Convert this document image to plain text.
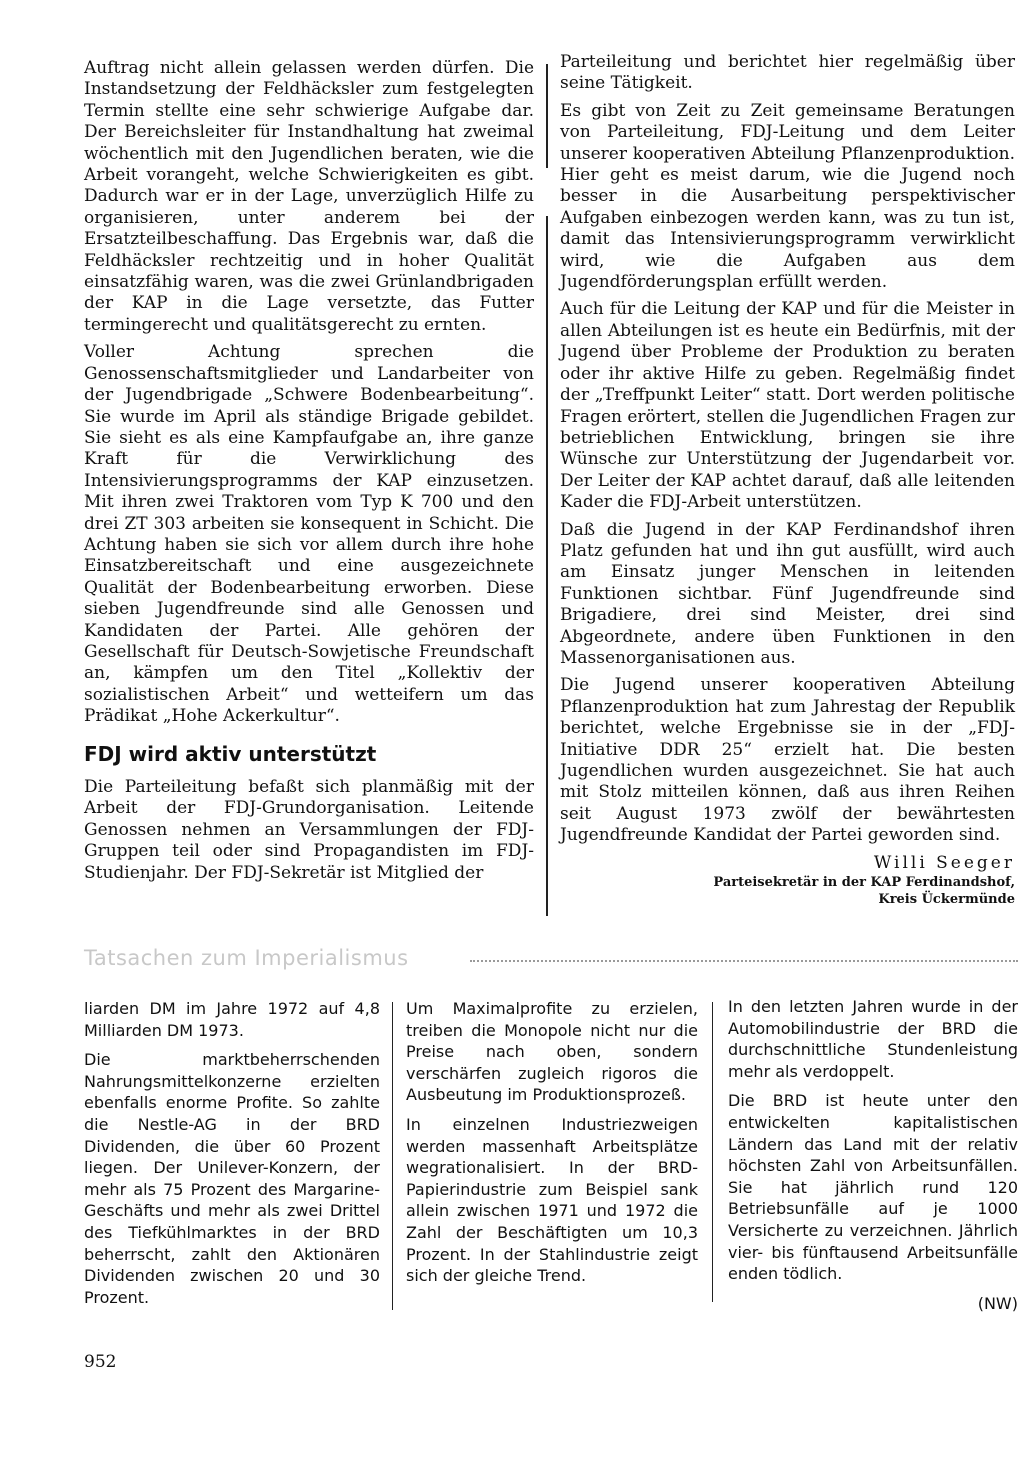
Auftrag nicht allein gelassen werden dürfen. Die Instandsetzung der Feldhäcksler zum festgelegten Termin stellte eine sehr schwierige Aufgabe dar. Der Bereichsleiter für Instandhaltung hat zweimal wöchentlich mit den Jugendlichen beraten, wie die Arbeit vorangeht, welche Schwierigkeiten es gibt. Dadurch war er in der Lage, unverzüglich Hilfe zu organisieren, unter anderem bei der Ersatzteilbeschaffung. Das Ergebnis war, daß die Feldhäcksler rechtzeitig und in hoher Qualität einsatzfähig waren, was die zwei Grünlandbrigaden der KAP in die Lage versetzte, das Futter termingerecht und qualitätsgerecht zu ernten.

Voller Achtung sprechen die Genossenschaftsmitglieder und Landarbeiter von der Jugendbrigade „Schwere Bodenbearbeitung“. Sie wurde im April als ständige Brigade gebildet. Sie sieht es als eine Kampfaufgabe an, ihre ganze Kraft für die Verwirklichung des Intensivierungsprogramms der KAP einzusetzen. Mit ihren zwei Traktoren vom Typ K 700 und den drei ZT 303 arbeiten sie konsequent in Schicht. Die Achtung haben sie sich vor allem durch ihre hohe Einsatzbereitschaft und eine ausgezeichnete Qualität der Bodenbearbeitung erworben. Diese sieben Jugendfreunde sind alle Genossen und Kandidaten der Partei. Alle gehören der Gesellschaft für Deutsch-Sowjetische Freundschaft an, kämpfen um den Titel „Kollektiv der sozialistischen Arbeit“ und wetteifern um das Prädikat „Hohe Ackerkultur“.

FDJ wird aktiv unterstützt

Die Parteileitung befaßt sich planmäßig mit der Arbeit der FDJ-Grundorganisation. Leitende Genossen nehmen an Versammlungen der FDJ-Gruppen teil oder sind Propagandisten im FDJ-Studienjahr. Der FDJ-Sekretär ist Mitglied der

Parteileitung und berichtet hier regelmäßig über seine Tätigkeit.

Es gibt von Zeit zu Zeit gemeinsame Beratungen von Parteileitung, FDJ-Leitung und dem Leiter unserer kooperativen Abteilung Pflanzenproduktion. Hier geht es meist darum, wie die Jugend noch besser in die Ausarbeitung perspektivischer Aufgaben einbezogen werden kann, was zu tun ist, damit das Intensivierungsprogramm verwirklicht wird, wie die Aufgaben aus dem Jugendförderungsplan erfüllt werden.

Auch für die Leitung der KAP und für die Meister in allen Abteilungen ist es heute ein Bedürfnis, mit der Jugend über Probleme der Produktion zu beraten oder ihr aktive Hilfe zu geben. Regelmäßig findet der „Treffpunkt Leiter“ statt. Dort werden politische Fragen erörtert, stellen die Jugendlichen Fragen zur betrieblichen Entwicklung, bringen sie ihre Wünsche zur Unterstützung der Jugendarbeit vor. Der Leiter der KAP achtet darauf, daß alle leitenden Kader die FDJ-Arbeit unterstützen.

Daß die Jugend in der KAP Ferdinandshof ihren Platz gefunden hat und ihn gut ausfüllt, wird auch am Einsatz junger Menschen in leitenden Funktionen sichtbar. Fünf Jugendfreunde sind Brigadiere, drei sind Meister, drei sind Abgeordnete, andere üben Funktionen in den Massenorganisationen aus.

Die Jugend unserer kooperativen Abteilung Pflanzenproduktion hat zum Jahrestag der Republik berichtet, welche Ergebnisse sie in der „FDJ-Initiative DDR 25“ erzielt hat. Die besten Jugendlichen wurden ausgezeichnet. Sie hat auch mit Stolz mitteilen können, daß aus ihren Reihen seit August 1973 zwölf der bewährtesten Jugendfreunde Kandidat der Partei geworden sind.

Willi Seeger
Parteisekretär in der KAP Ferdinandshof,
Kreis Ückermünde
Tatsachen zum Imperialismus

liarden DM im Jahre 1972 auf 4,8 Milliarden DM 1973.

Die marktbeherrschenden Nahrungsmittelkonzerne erzielten ebenfalls enorme Profite. So zahlte die Nestle-AG in der BRD Dividenden, die über 60 Prozent liegen. Der Unilever-Konzern, der mehr als 75 Prozent des Margarine-Geschäfts und mehr als zwei Drittel des Tiefkühlmarktes in der BRD beherrscht, zahlt den Aktionären Dividenden zwischen 20 und 30 Prozent.

Um Maximalprofite zu erzielen, treiben die Monopole nicht nur die Preise nach oben, sondern verschärfen zugleich rigoros die Ausbeutung im Produktionsprozeß.

In einzelnen Industriezweigen werden massenhaft Arbeitsplätze wegrationalisiert. In der BRD-Papierindustrie zum Beispiel sank allein zwischen 1971 und 1972 die Zahl der Beschäftigten um 10,3 Prozent. In der Stahlindustrie zeigt sich der gleiche Trend.

In den letzten Jahren wurde in der Automobilindustrie der BRD die durchschnittliche Stundenleistung mehr als verdoppelt.

Die BRD ist heute unter den entwickelten kapitalistischen Ländern das Land mit der relativ höchsten Zahl von Arbeitsunfällen. Sie hat jährlich rund 120 Betriebsunfälle auf je 1000 Versicherte zu verzeichnen. Jährlich vier- bis fünftausend Arbeitsunfälle enden tödlich.

(NW)
952
